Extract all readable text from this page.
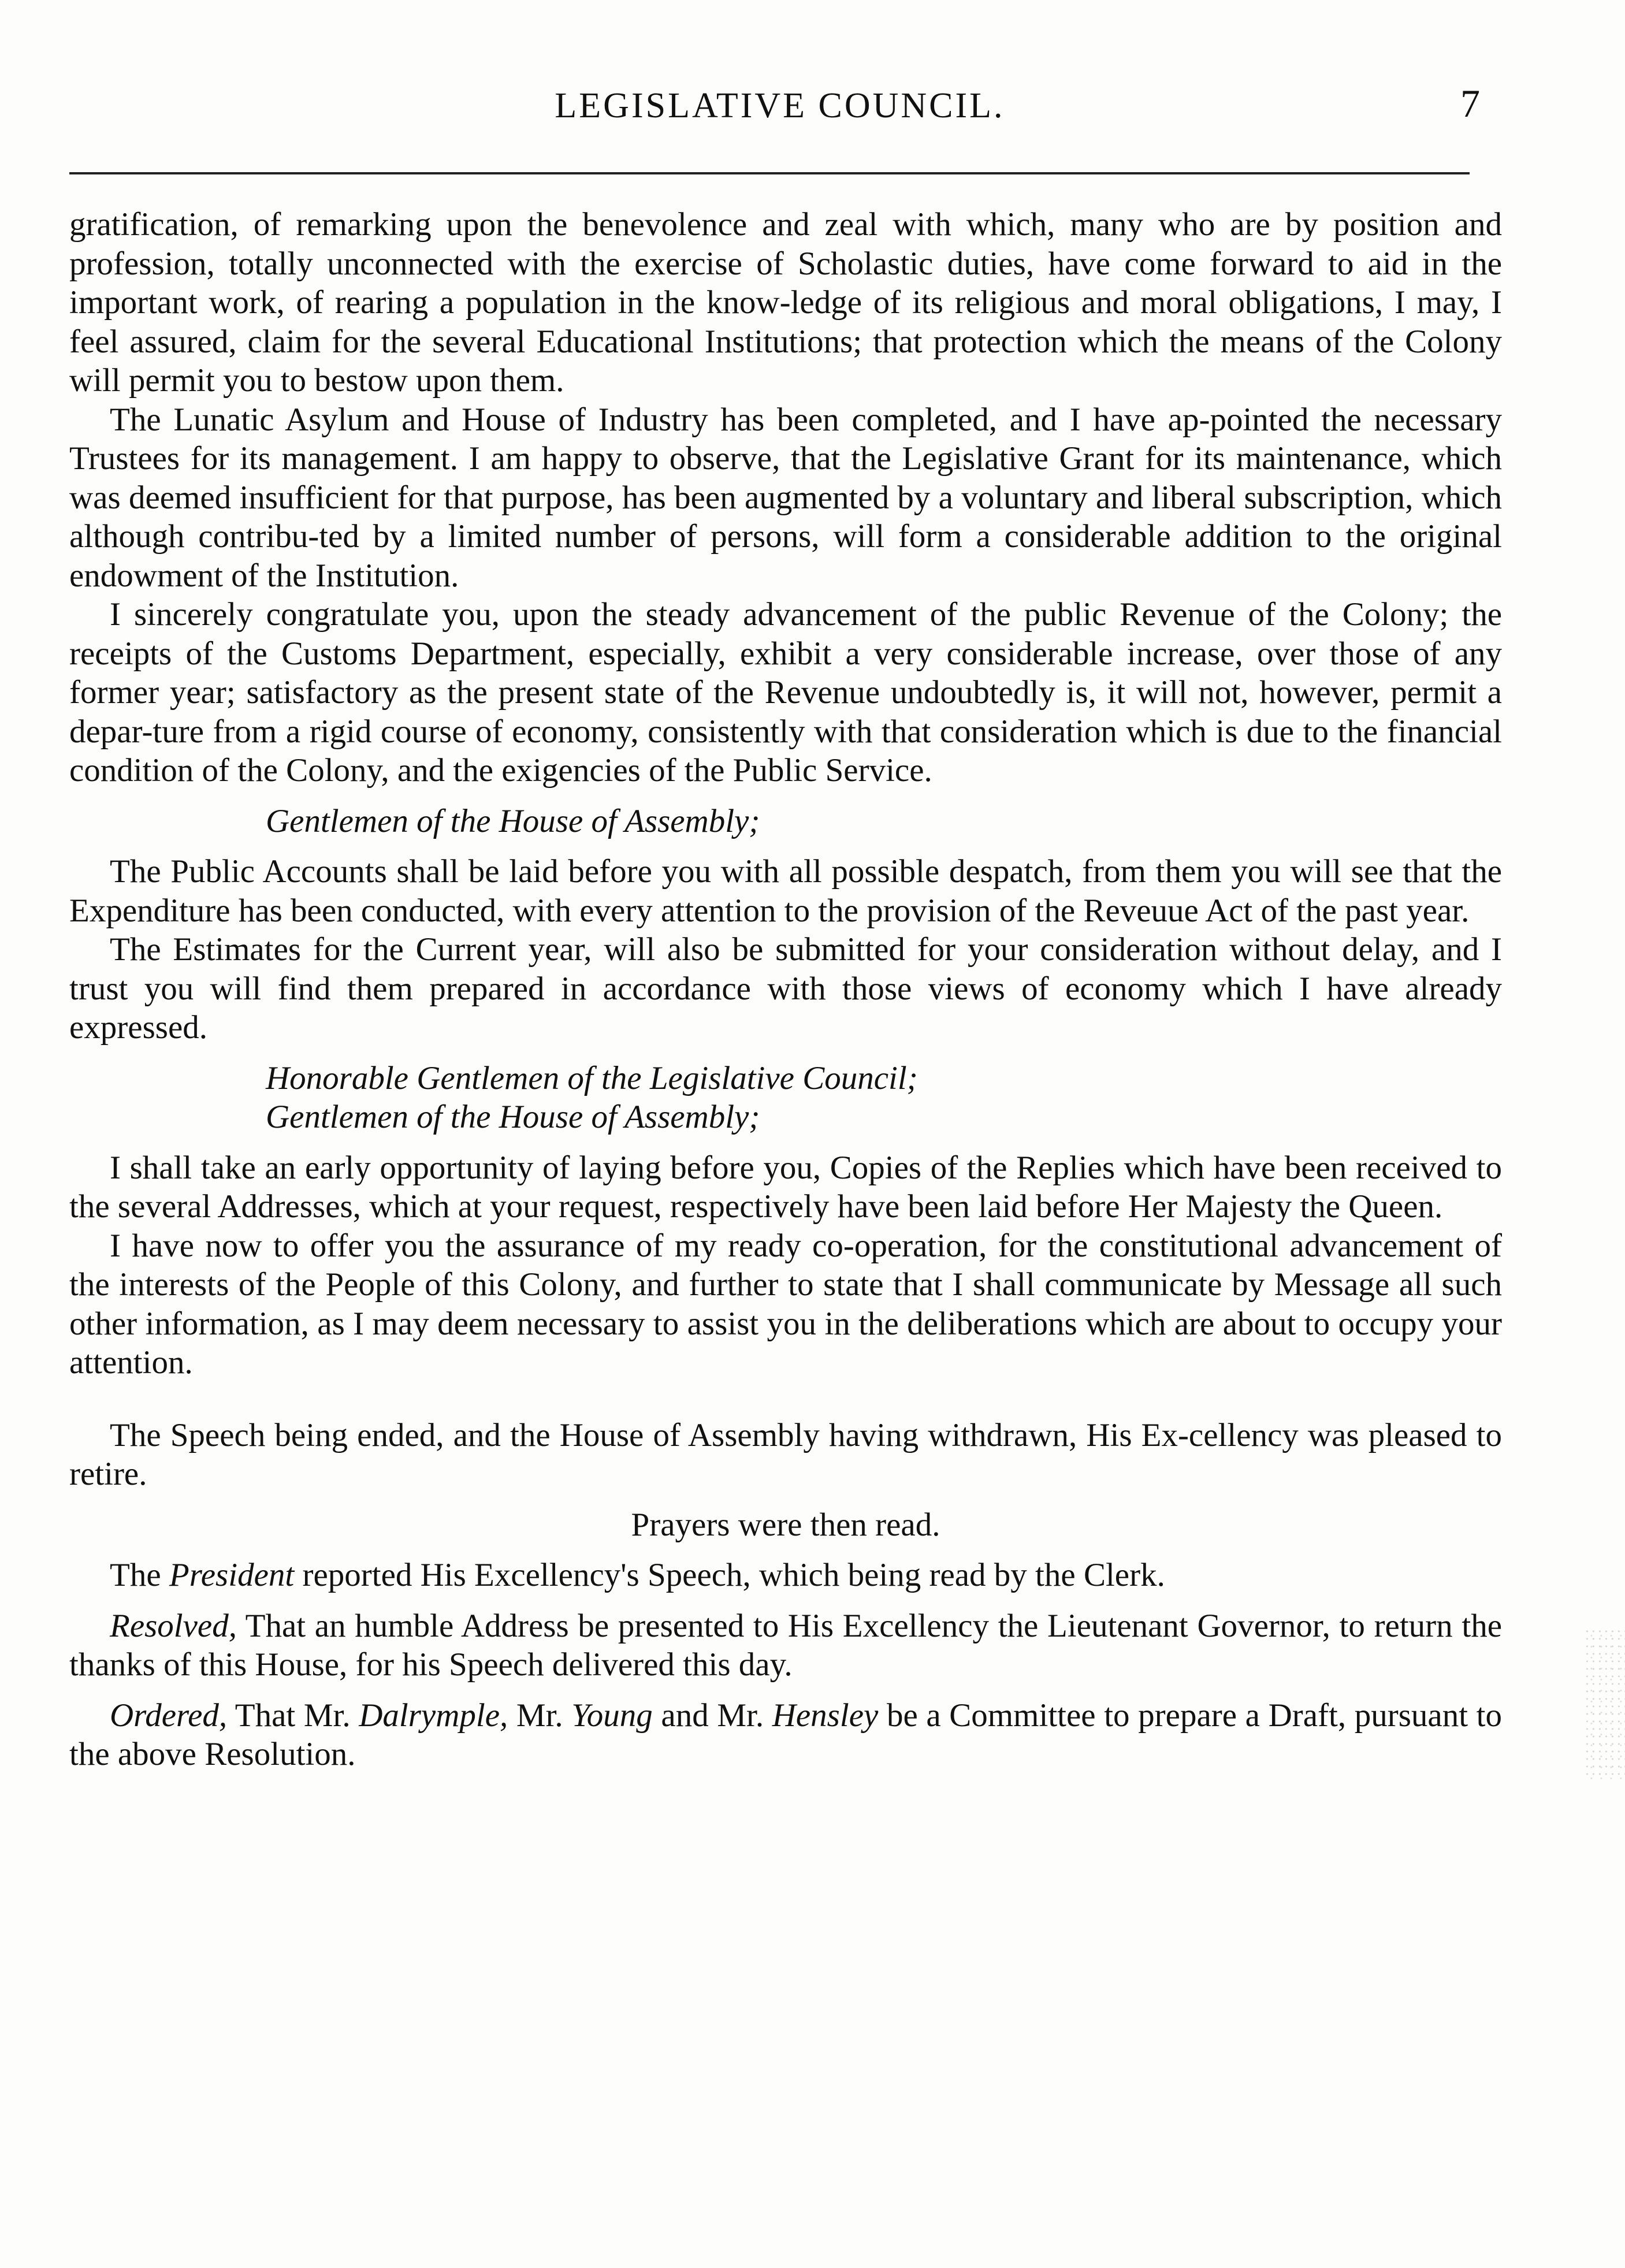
LEGISLATIVE COUNCIL.	7

gratification, of remarking upon the benevolence and zeal with which, many who are by position and profession, totally unconnected with the exercise of Scholastic duties, have come forward to aid in the important work, of rearing a population in the know-ledge of its religious and moral obligations, I may, I feel assured, claim for the several Educational Institutions; that protection which the means of the Colony will permit you to bestow upon them.

The Lunatic Asylum and House of Industry has been completed, and I have ap-pointed the necessary Trustees for its management. I am happy to observe, that the Legislative Grant for its maintenance, which was deemed insufficient for that purpose, has been augmented by a voluntary and liberal subscription, which although contribu-ted by a limited number of persons, will form a considerable addition to the original endowment of the Institution.

I sincerely congratulate you, upon the steady advancement of the public Revenue of the Colony; the receipts of the Customs Department, especially, exhibit a very considerable increase, over those of any former year; satisfactory as the present state of the Revenue undoubtedly is, it will not, however, permit a depar-ture from a rigid course of economy, consistently with that consideration which is due to the financial condition of the Colony, and the exigencies of the Public Service.

Gentlemen of the House of Assembly;

The Public Accounts shall be laid before you with all possible despatch, from them you will see that the Expenditure has been conducted, with every attention to the provision of the Reveuue Act of the past year.

The Estimates for the Current year, will also be submitted for your consideration without delay, and I trust you will find them prepared in accordance with those views of economy which I have already expressed.

Honorable Gentlemen of the Legislative Council;

Gentlemen of the House of Assembly;

I shall take an early opportunity of laying before you, Copies of the Replies which have been received to the several Addresses, which at your request, respectively have been laid before Her Majesty the Queen.

I have now to offer you the assurance of my ready co-operation, for the constitutional advancement of the interests of the People of this Colony, and further to state that I shall communicate by Message all such other information, as I may deem necessary to assist you in the deliberations which are about to occupy your attention.

The Speech being ended, and the House of Assembly having withdrawn, His Ex-cellency was pleased to retire.

Prayers were then read.

The President reported His Excellency's Speech, which being read by the Clerk.

Resolved, That an humble Address be presented to His Excellency the Lieutenant Governor, to return the thanks of this House, for his Speech delivered this day.

Ordered, That Mr. Dalrymple, Mr. Young and Mr. Hensley be a Committee to prepare a Draft, pursuant to the above Resolution.
